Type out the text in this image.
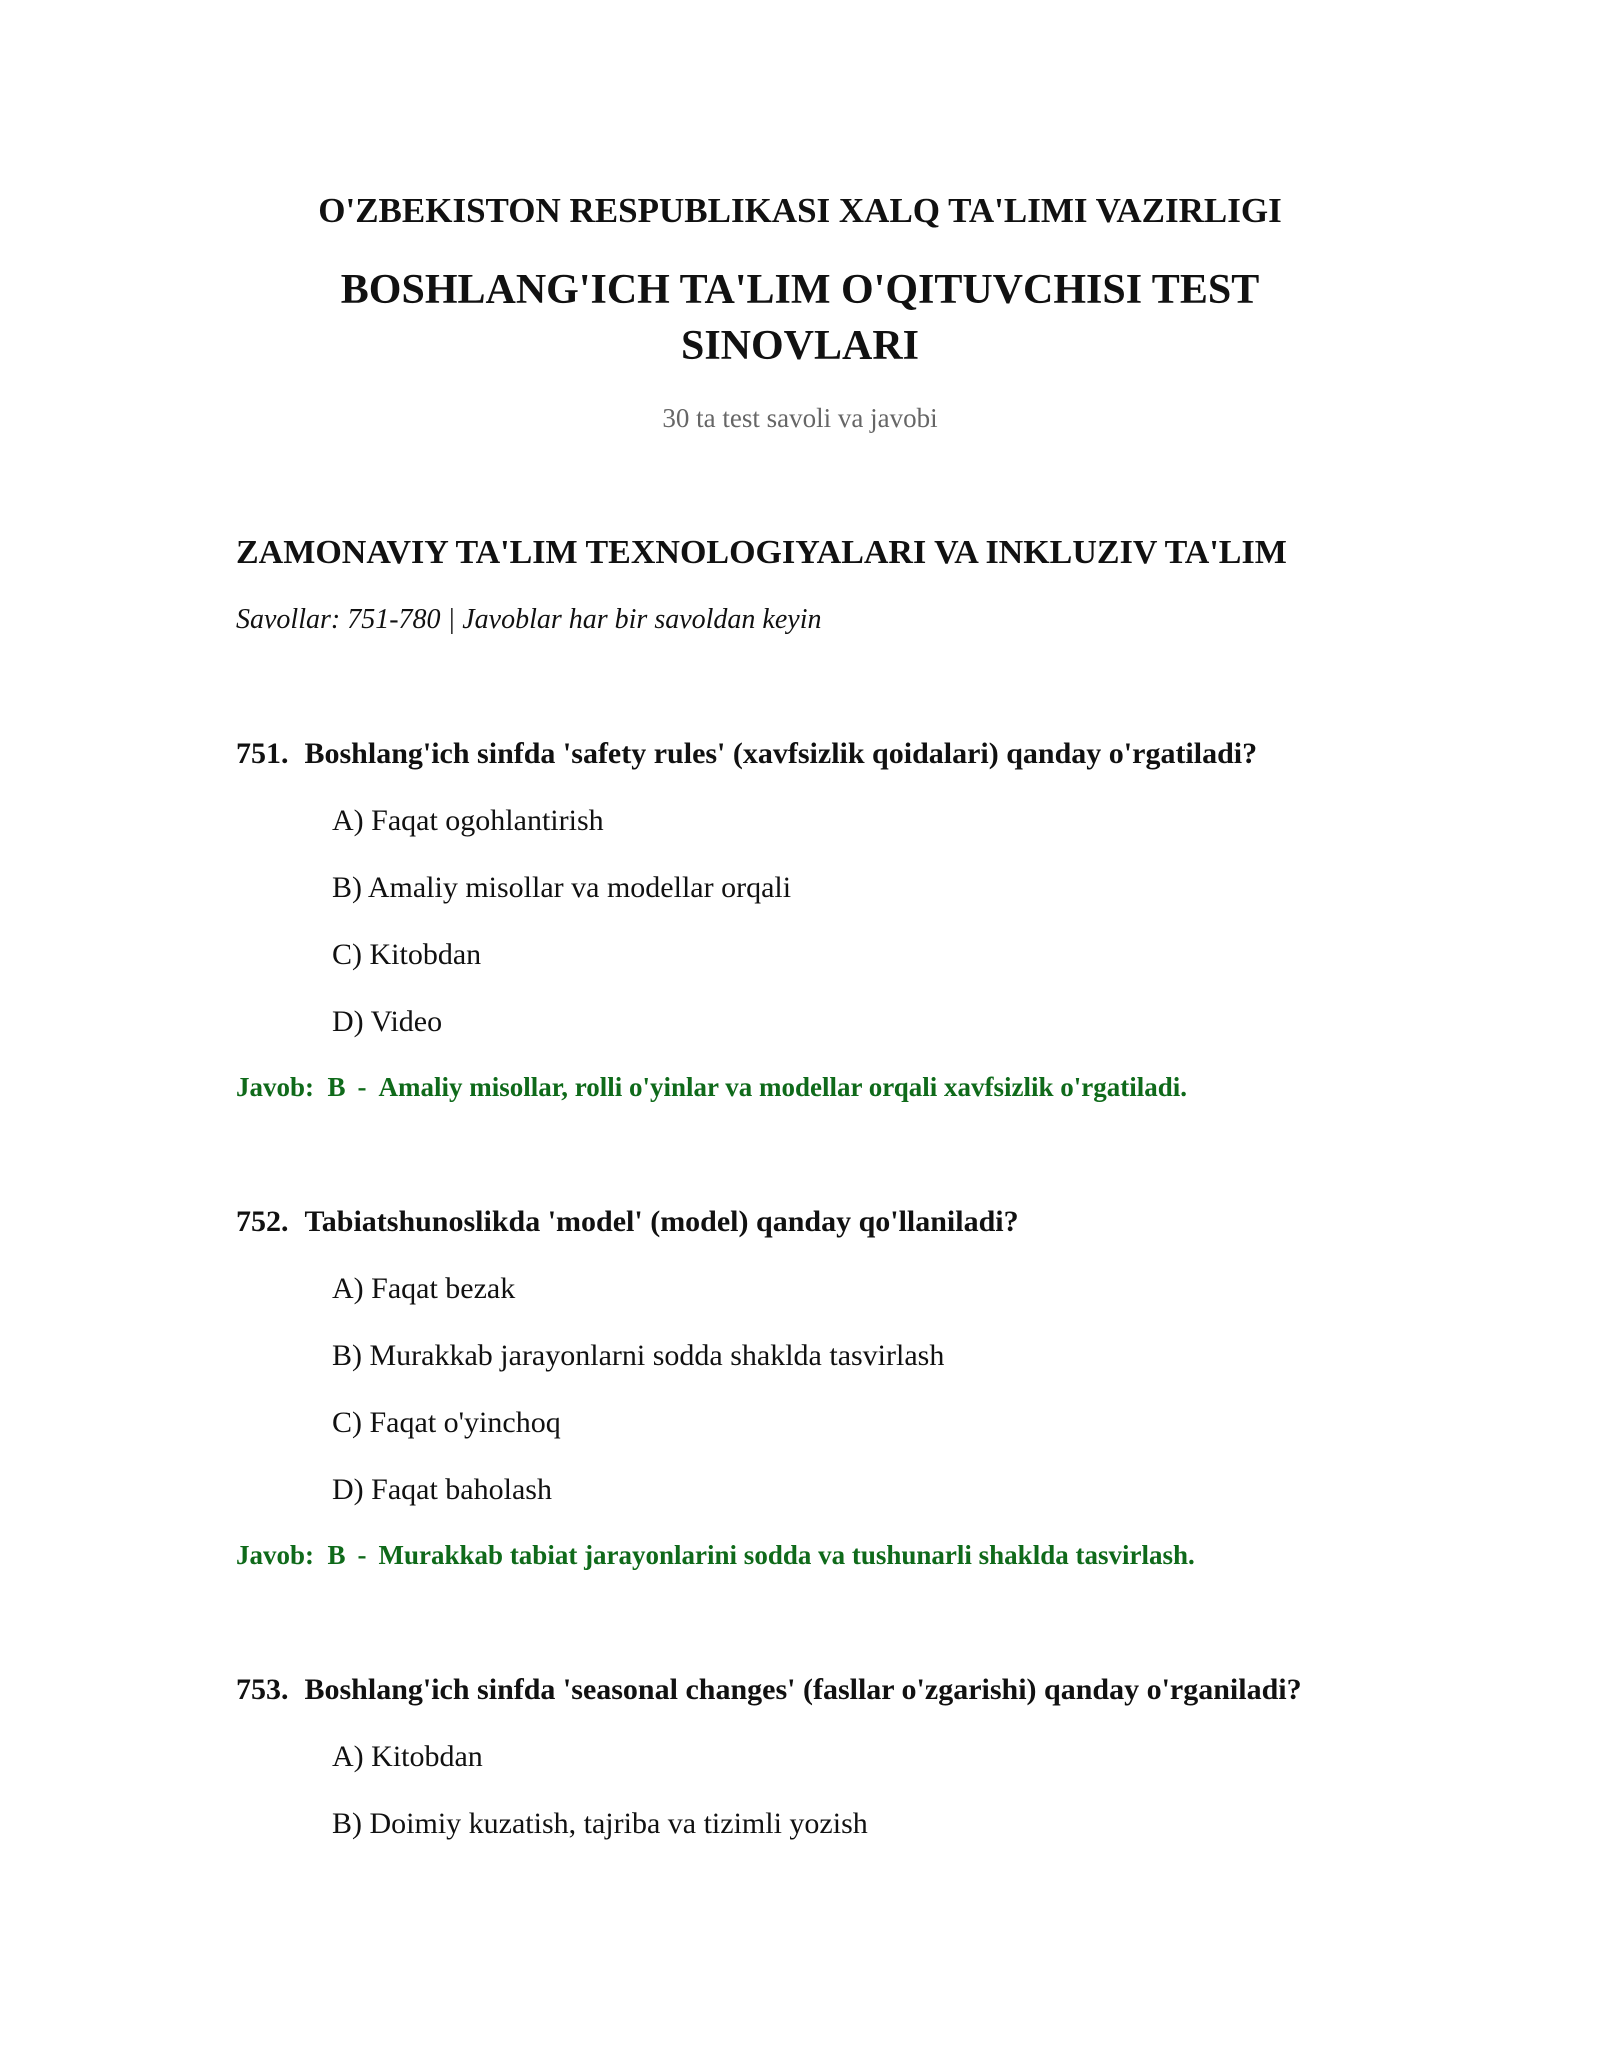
O'ZBEKISTON RESPUBLIKASI XALQ TA'LIMI VAZIRLIGI
BOSHLANG'ICH TA'LIM O'QITUVCHISI TEST SINOVLARI
30 ta test savoli va javobi
ZAMONAVIY TA'LIM TEXNOLOGIYALARI VA INKLUZIV TA'LIM
Savollar: 751-780 | Javoblar har bir savoldan keyin
751. Boshlang'ich sinfda 'safety rules' (xavfsizlik qoidalari) qanday o'rgatiladi?
A) Faqat ogohlantirish
B) Amaliy misollar va modellar orqali
C) Kitobdan
D) Video
Javob: B - Amaliy misollar, rolli o'yinlar va modellar orqali xavfsizlik o'rgatiladi.
752. Tabiatshunoslikda 'model' (model) qanday qo'llaniladi?
A) Faqat bezak
B) Murakkab jarayonlarni sodda shaklda tasvirlash
C) Faqat o'yinchoq
D) Faqat baholash
Javob: B - Murakkab tabiat jarayonlarini sodda va tushunarli shaklda tasvirlash.
753. Boshlang'ich sinfda 'seasonal changes' (fasllar o'zgarishi) qanday o'rganiladi?
A) Kitobdan
B) Doimiy kuzatish, tajriba va tizimli yozish
